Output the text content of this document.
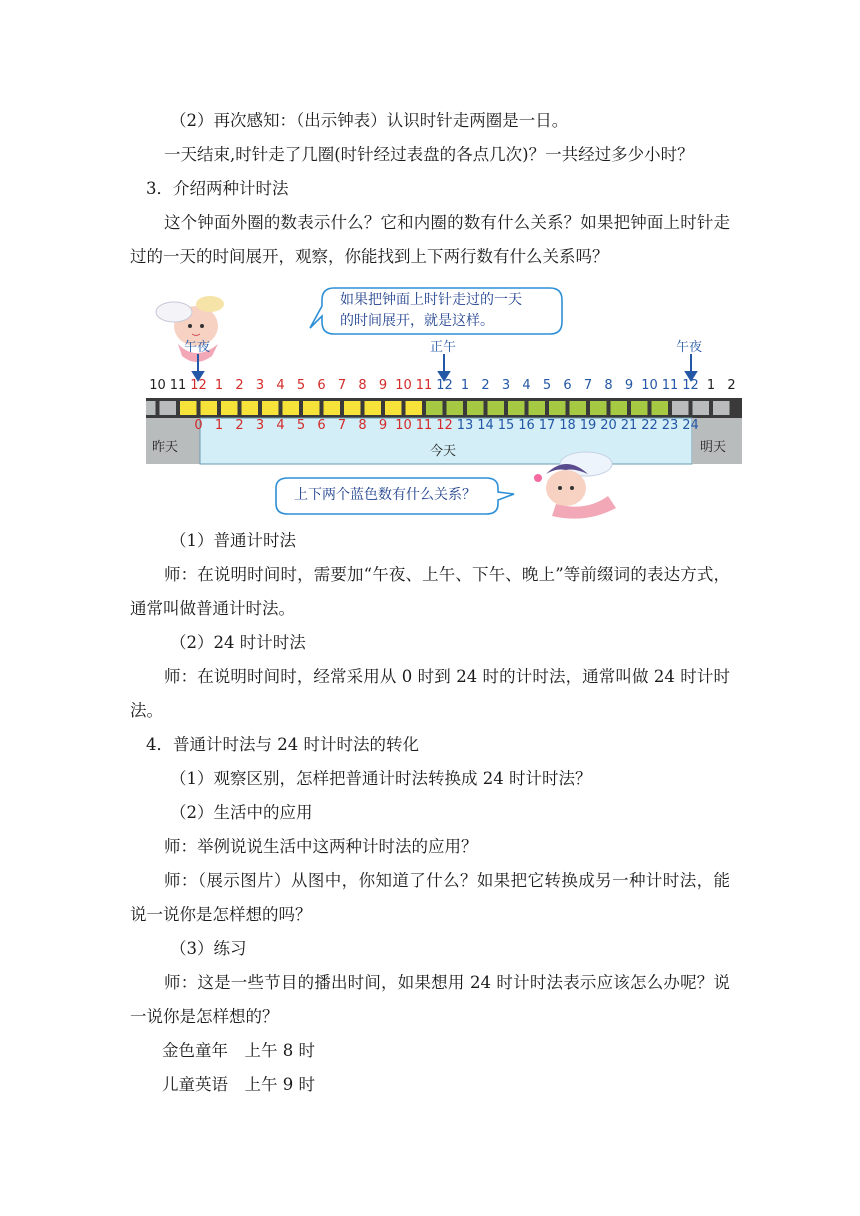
（2）再次感知：（出示钟表）认识时针走两圈是一日。

一天结束,时针走了几圈(时针经过表盘的各点几次)？一共经过多少小时？

3．介绍两种计时法

这个钟面外圈的数表示什么？它和内圈的数有什么关系？如果把钟面上时针走过的一天的时间展开，观察，你能找到上下两行数有什么关系吗？

如果把钟面上时针走过的一天
的时间展开，就是这样。
午夜	正午	午夜
10 11 12 1 2 3 4 5 6 7 8 9 10 11 12 1 2 3 4 5 6 7 8 9 10 11 12 1 2
0 1 2 3 4 5 6 7 8 9 10 11 12 13 14 15 16 17 18 19 20 21 22 23 24
昨天	今天	明天
上下两个蓝色数有什么关系？

（1）普通计时法

师：在说明时间时，需要加“午夜、上午、下午、晚上”等前缀词的表达方式，通常叫做普通计时法。

（2）24 时计时法

师：在说明时间时，经常采用从 0 时到 24 时的计时法，通常叫做 24 时计时法。

4．普通计时法与 24 时计时法的转化

（1）观察区别，怎样把普通计时法转换成 24 时计时法？

（2）生活中的应用

师：举例说说生活中这两种计时法的应用？

师：（展示图片）从图中，你知道了什么？如果把它转换成另一种计时法，能说一说你是怎样想的吗？

（3）练习

师：这是一些节目的播出时间，如果想用 24 时计时法表示应该怎么办呢？说一说你是怎样想的？

金色童年　上午 8 时

儿童英语　上午 9 时
